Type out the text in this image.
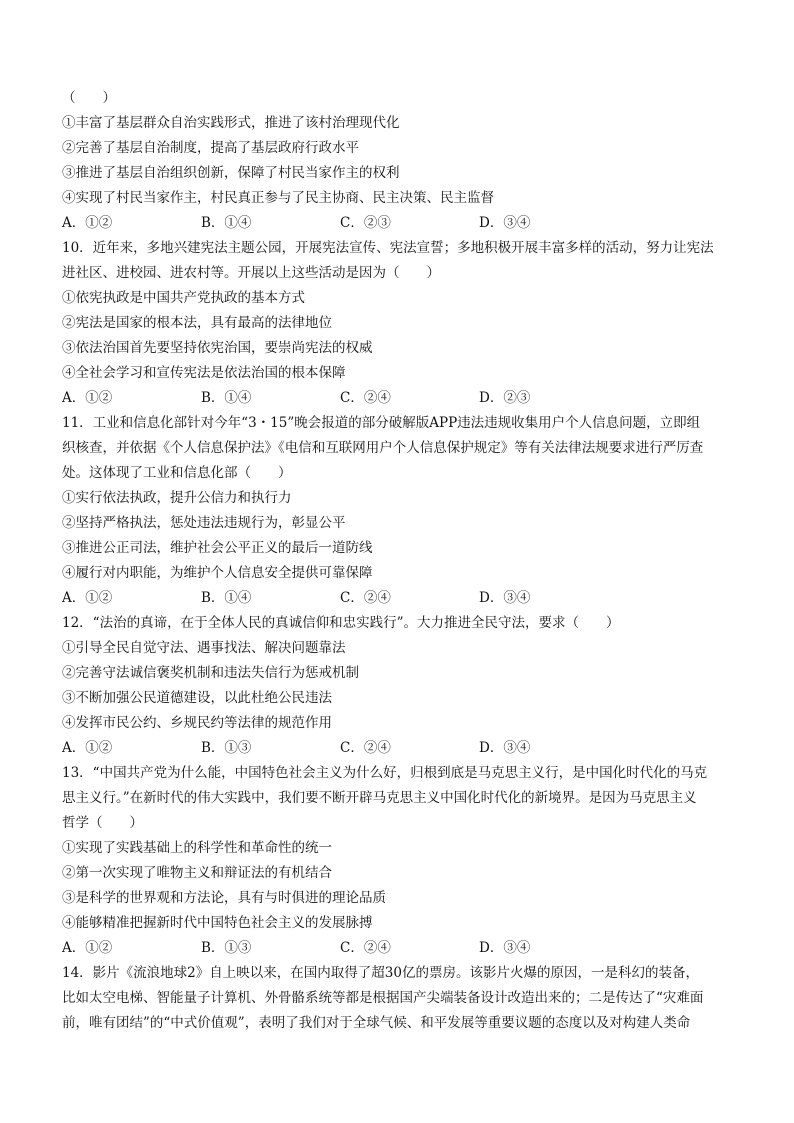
（　　）
①丰富了基层群众自治实践形式，推进了该村治理现代化
②完善了基层自治制度，提高了基层政府行政水平
③推进了基层自治组织创新，保障了村民当家作主的权利
④实现了村民当家作主，村民真正参与了民主协商、民主决策、民主监督
A．①②	B．①④	C．②③	D．③④
10．近年来，多地兴建宪法主题公园，开展宪法宣传、宪法宣誓；多地积极开展丰富多样的活动，努力让宪法
进社区、进校园、进农村等。开展以上这些活动是因为（　　）
①依宪执政是中国共产党执政的基本方式
②宪法是国家的根本法，具有最高的法律地位
③依法治国首先要坚持依宪治国，要崇尚宪法的权威
④全社会学习和宣传宪法是依法治国的根本保障
A．①②	B．①④	C．②④	D．②③
11．工业和信息化部针对今年“3・15”晚会报道的部分破解版APP违法违规收集用户个人信息问题，立即组
织核查，并依据《个人信息保护法》《电信和互联网用户个人信息保护规定》等有关法律法规要求进行严厉查
处。这体现了工业和信息化部（　　）
①实行依法执政，提升公信力和执行力
②坚持严格执法，惩处违法违规行为，彰显公平
③推进公正司法，维护社会公平正义的最后一道防线
④履行对内职能，为维护个人信息安全提供可靠保障
A．①②	B．①④	C．②④	D．③④
12．“法治的真谛，在于全体人民的真诚信仰和忠实践行”。大力推进全民守法，要求（　　）
①引导全民自觉守法、遇事找法、解决问题靠法
②完善守法诚信褒奖机制和违法失信行为惩戒机制
③不断加强公民道德建设，以此杜绝公民违法
④发挥市民公约、乡规民约等法律的规范作用
A．①②	B．①③	C．②④	D．③④
13．“中国共产党为什么能，中国特色社会主义为什么好，归根到底是马克思主义行，是中国化时代化的马克
思主义行。”在新时代的伟大实践中，我们要不断开辟马克思主义中国化时代化的新境界。是因为马克思主义
哲学（　　）
①实现了实践基础上的科学性和革命性的统一
②第一次实现了唯物主义和辩证法的有机结合
③是科学的世界观和方法论，具有与时俱进的理论品质
④能够精准把握新时代中国特色社会主义的发展脉搏
A．①②	B．①③	C．②④	D．③④
14．影片《流浪地球2》自上映以来，在国内取得了超30亿的票房。该影片火爆的原因，一是科幻的装备，
比如太空电梯、智能量子计算机、外骨骼系统等都是根据国产尖端装备设计改造出来的；二是传达了“灾难面
前，唯有团结”的“中式价值观”，表明了我们对于全球气候、和平发展等重要议题的态度以及对构建人类命
